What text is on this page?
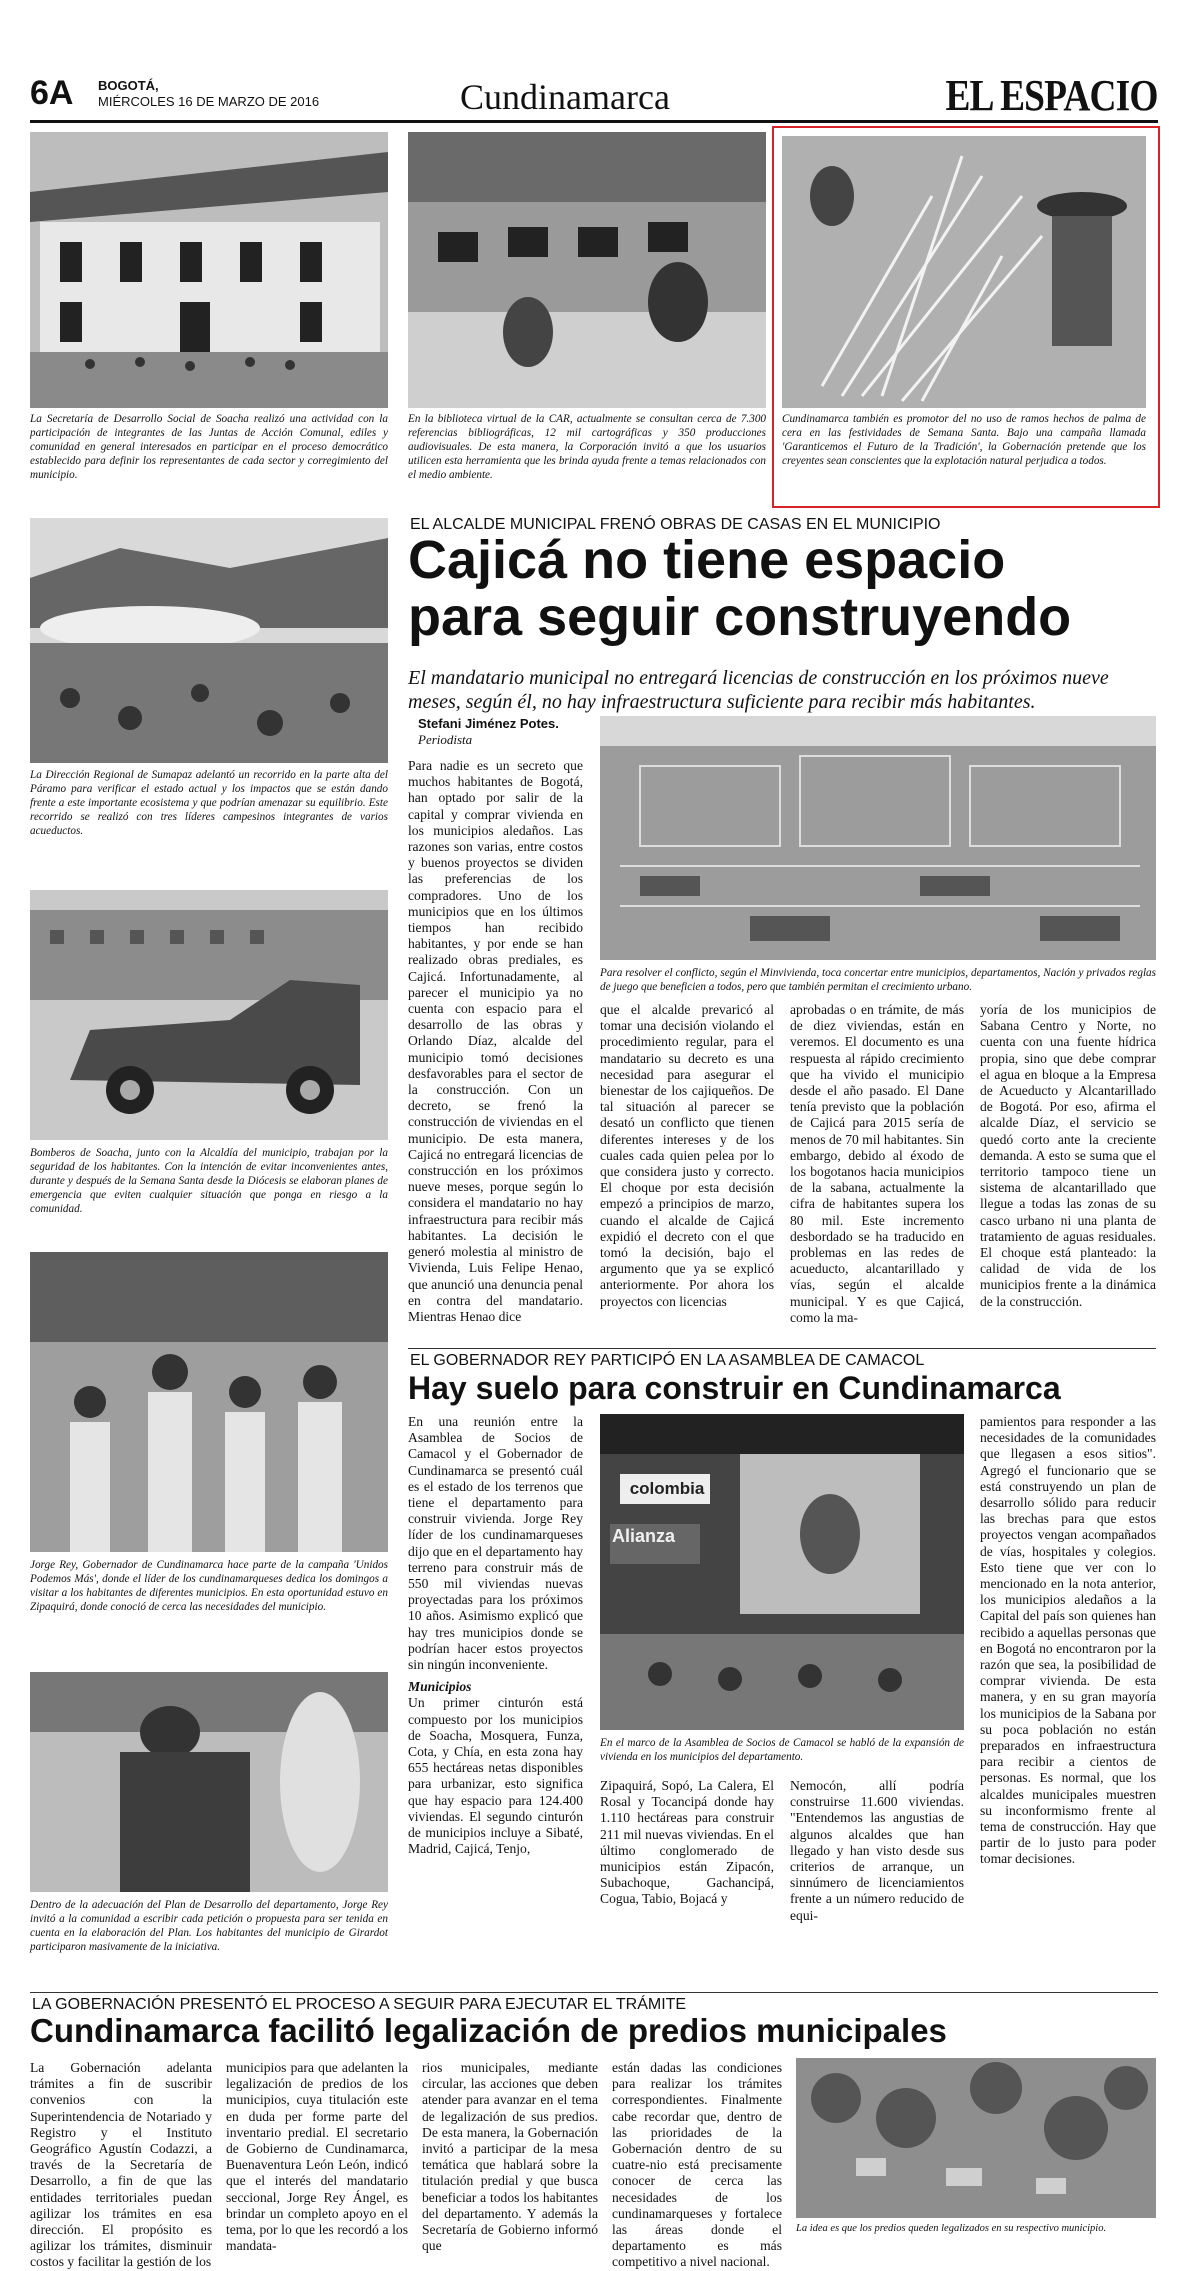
6A BOGOTÁ,
MIÉRCOLES 16 DE MARZO DE 2016	Cundinamarca	EL ESPACIO
La Secretaría de Desarrollo Social de Soacha realizó una actividad con la participación de integrantes de las Juntas de Acción Comunal, ediles y comunidad en general interesados en participar en el proceso democrático establecido para definir los representantes de cada sector y corregimiento del municipio.
En la biblioteca virtual de la CAR, actualmente se consultan cerca de 7.300 referencias bibliográficas, 12 mil cartográficas y 350 producciones audiovisuales. De esta manera, la Corporación invitó a que los usuarios utilicen esta herramienta que les brinda ayuda frente a temas relacionados con el medio ambiente.
Cundinamarca también es promotor del no uso de ramos hechos de palma de cera en las festividades de Semana Santa. Bajo una campaña llamada 'Garanticemos el Futuro de la Tradición', la Gobernación pretende que los creyentes sean conscientes que la explotación natural perjudica a todos.
La Dirección Regional de Sumapaz adelantó un recorrido en la parte alta del Páramo para verificar el estado actual y los impactos que se están dando frente a este importante ecosistema y que podrían amenazar su equilibrio. Este recorrido se realizó con tres líderes campesinos integrantes de varios acueductos.
Bomberos de Soacha, junto con la Alcaldía del municipio, trabajan por la seguridad de los habitantes. Con la intención de evitar inconvenientes antes, durante y después de la Semana Santa desde la Diócesis se elaboran planes de emergencia que eviten cualquier situación que ponga en riesgo a la comunidad.
Jorge Rey, Gobernador de Cundinamarca hace parte de la campaña 'Unidos Podemos Más', donde el líder de los cundinamarqueses dedica los domingos a visitar a los habitantes de diferentes municipios. En esta oportunidad estuvo en Zipaquirá, donde conoció de cerca las necesidades del municipio.
Dentro de la adecuación del Plan de Desarrollo del departamento, Jorge Rey invitó a la comunidad a escribir cada petición o propuesta para ser tenida en cuenta en la elaboración del Plan. Los habitantes del municipio de Girardot participaron masivamente de la iniciativa.
EL ALCALDE MUNICIPAL FRENÓ OBRAS DE CASAS EN EL MUNICIPIO
Cajicá no tiene espacio
para seguir construyendo
El mandatario municipal no entregará licencias de construcción en los próximos nueve meses, según él, no hay infraestructura suficiente para recibir más habitantes.
Stefani Jiménez Potes.
Periodista
Para nadie es un secreto que muchos habitantes de Bogotá, han optado por salir de la capital y comprar vivienda en los municipios aledaños. Las razones son varias, entre costos y buenos proyectos se dividen las preferencias de los compradores. Uno de los municipios que en los últimos tiempos han recibido habitantes, y por ende se han realizado obras prediales, es Cajicá. Infortunadamente, al parecer el municipio ya no cuenta con espacio para el desarrollo de las obras y Orlando Díaz, alcalde del municipio tomó decisiones desfavorables para el sector de la construcción. Con un decreto, se frenó la construcción de viviendas en el municipio. De esta manera, Cajicá no entregará licencias de construcción en los próximos nueve meses, porque según lo considera el mandatario no hay infraestructura para recibir más habitantes. La decisión le generó molestia al ministro de Vivienda, Luis Felipe Henao, que anunció una denuncia penal en contra del mandatario. Mientras Henao dice
Para resolver el conflicto, según el Minvivienda, toca concertar entre municipios, departamentos, Nación y privados reglas de juego que beneficien a todos, pero que también permitan el crecimiento urbano.
que el alcalde prevaricó al tomar una decisión violando el procedimiento regular, para el mandatario su decreto es una necesidad para asegurar el bienestar de los cajiqueños. De tal situación al parecer se desató un conflicto que tienen diferentes intereses y de los cuales cada quien pelea por lo que considera justo y correcto. El choque por esta decisión empezó a principios de marzo, cuando el alcalde de Cajicá expidió el decreto con el que tomó la decisión, bajo el argumento que ya se explicó anteriormente. Por ahora los proyectos con licencias
aprobadas o en trámite, de más de diez viviendas, están en veremos. El documento es una respuesta al rápido crecimiento que ha vivido el municipio desde el año pasado. El Dane tenía previsto que la población de Cajicá para 2015 sería de menos de 70 mil habitantes. Sin embargo, debido al éxodo de los bogotanos hacia municipios de la sabana, actualmente la cifra de habitantes supera los 80 mil. Este incremento desbordado se ha traducido en problemas en las redes de acueducto, alcantarillado y vías, según el alcalde municipal. Y es que Cajicá, como la ma-
yoría de los municipios de Sabana Centro y Norte, no cuenta con una fuente hídrica propia, sino que debe comprar el agua en bloque a la Empresa de Acueducto y Alcantarillado de Bogotá. Por eso, afirma el alcalde Díaz, el servicio se quedó corto ante la creciente demanda. A esto se suma que el territorio tampoco tiene un sistema de alcantarillado que llegue a todas las zonas de su casco urbano ni una planta de tratamiento de aguas residuales. El choque está planteado: la calidad de vida de los municipios frente a la dinámica de la construcción.
EL GOBERNADOR REY PARTICIPÓ EN LA ASAMBLEA DE CAMACOL
Hay suelo para construir en Cundinamarca

En una reunión entre la Asamblea de Socios de Camacol y el Gobernador de Cundinamarca se presentó cuál es el estado de los terrenos que tiene el departamento para construir vivienda. Jorge Rey líder de los cundinamarqueses dijo que en el departamento hay terreno para construir más de 550 mil viviendas nuevas proyectadas para los próximos 10 años. Asimismo explicó que hay tres municipios donde se podrían hacer estos proyectos sin ningún inconveniente.

Municipios

Un primer cinturón está compuesto por los municipios de Soacha, Mosquera, Funza, Cota, y Chía, en esta zona hay 655 hectáreas netas disponibles para urbanizar, esto significa que hay espacio para 124.400 viviendas. El segundo cinturón de municipios incluye a Sibaté, Madrid, Cajicá, Tenjo,

colombia
Alianza
En el marco de la Asamblea de Socios de Camacol se habló de la expansión de vivienda en los municipios del departamento.
Zipaquirá, Sopó, La Calera, El Rosal y Tocancipá donde hay 1.110 hectáreas para construir 211 mil nuevas viviendas. En el último conglomerado de municipios están Zipacón, Subachoque, Gachancipá, Cogua, Tabio, Bojacá y
Nemocón, allí podría construirse 11.600 viviendas. "Entendemos las angustias de algunos alcaldes que han llegado y han visto desde sus criterios de arranque, un sinnúmero de licenciamientos frente a un número reducido de equi-
pamientos para responder a las necesidades de la comunidades que llegasen a esos sitios". Agregó el funcionario que se está construyendo un plan de desarrollo sólido para reducir las brechas para que estos proyectos vengan acompañados de vías, hospitales y colegios. Esto tiene que ver con lo mencionado en la nota anterior, los municipios aledaños a la Capital del país son quienes han recibido a aquellas personas que en Bogotá no encontraron por la razón que sea, la posibilidad de comprar vivienda. De esta manera, y en su gran mayoría los municipios de la Sabana por su poca población no están preparados en infraestructura para recibir a cientos de personas. Es normal, que los alcaldes municipales muestren su inconformismo frente al tema de construcción. Hay que partir de lo justo para poder tomar decisiones.
LA GOBERNACIÓN PRESENTÓ EL PROCESO A SEGUIR PARA EJECUTAR EL TRÁMITE
Cundinamarca facilitó legalización de predios municipales
La Gobernación adelanta trámites a fin de suscribir convenios con la Superintendencia de Notariado y Registro y el Instituto Geográfico Agustín Codazzi, a través de la Secretaría de Desarrollo, a fin de que las entidades territoriales puedan agilizar los trámites en esa dirección. El propósito es agilizar los trámites, disminuir costos y facilitar la gestión de los
municipios para que adelanten la legalización de predios de los municipios, cuya titulación este en duda per forme parte del inventario predial. El secretario de Gobierno de Cundinamarca, Buenaventura León León, indicó que el interés del mandatario seccional, Jorge Rey Ángel, es brindar un completo apoyo en el tema, por lo que les recordó a los mandata-
rios municipales, mediante circular, las acciones que deben atender para avanzar en el tema de legalización de sus predios. De esta manera, la Gobernación invitó a participar de la mesa temática que hablará sobre la titulación predial y que busca beneficiar a todos los habitantes del departamento. Y además la Secretaría de Gobierno informó que
están dadas las condiciones para realizar los trámites correspondientes. Finalmente cabe recordar que, dentro de las prioridades de la Gobernación dentro de su cuatre-nio está precisamente conocer de cerca las necesidades de los cundinamarqueses y fortalece las áreas donde el departamento es más competitivo a nivel nacional.
La idea es que los predios queden legalizados en su respectivo municipio.
